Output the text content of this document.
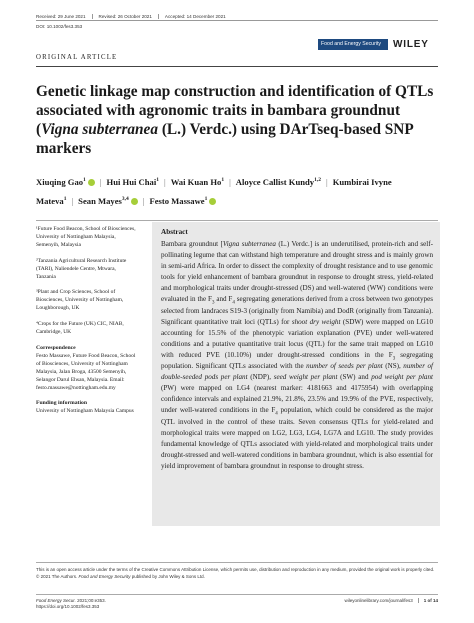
Received: 29 June 2021	Revised: 26 October 2021	Accepted: 14 December 2021
DOI: 10.1002/fes3.353
Food and Energy Security WILEY
ORIGINAL ARTICLE
Genetic linkage map construction and identification of QTLs associated with agronomic traits in bambara groundnut (Vigna subterranea (L.) Verdc.) using DArTseq-based SNP markers
Xiuqing Gao$^1$ | Hui Hui Chai$^1$ | Wai Kuan Ho$^1$ | Aloyce Callist Kundy$^{1,2}$ | Kumbirai Ivyne Mateva$^1$ | Sean Mayes$^{3,4}$ | Festo Massawe$^1$

¹Future Food Beacon, School of Biosciences, University of Nottingham Malaysia, Semenyih, Malaysia

²Tanzania Agricultural Research Institute (TARI), Naliendele Centre, Mtwara, Tanzania

³Plant and Crop Sciences, School of Biosciences, University of Nottingham, Loughborough, UK

⁴Crops for the Future (UK) CIC, NIAB, Cambridge, UK

Correspondence

Festo Massawe, Future Food Beacon, School of Biosciences, University of Nottingham Malaysia, Jalan Broga, 43500 Semenyih, Selangor Darul Ehsan, Malaysia. Email: festo.massawe@nottingham.edu.my

Funding information

University of Nottingham Malaysia Campus

Abstract
Bambara groundnut [Vigna subterranea (L.) Verdc.] is an underutilised, protein-rich and self-pollinating legume that can withstand high temperature and drought stress and is mainly grown in semi-arid Africa. In order to dissect the complexity of drought resistance and to use genomic tools for yield enhancement of bambara groundnut in response to drought stress, yield-related and morphological traits under drought-stressed (DS) and well-watered (WW) conditions were evaluated in the $F_3$ and $F_4$ segregating generations derived from a cross between two genotypes selected from landraces S19-3 (originally from Namibia) and DodR (originally from Tanzania). Significant quantitative trait loci (QTLs) for shoot dry weight (SDW) were mapped on LG10 accounting for 15.5% of the phenotypic variation explanation (PVE) under well-watered conditions and a putative quantitative trait locus (QTL) for the same trait mapped on LG10 with reduced PVE (10.10%) under drought-stressed conditions in the $F_3$ segregating population. Significant QTLs associated with the number of seeds per plant (NS), number of double-seeded pods per plant (NDP), seed weight per plant (SW) and pod weight per plant (PW) were mapped on LG4 (nearest marker: 4181663 and 4175954) with overlapping confidence intervals and explained 21.9%, 21.8%, 23.5% and 19.9% of the PVE, respectively, under well-watered conditions in the $F_4$ population, which could be considered as the major QTL involved in the control of these traits. Seven consensus QTLs for yield-related and morphological traits were mapped on LG2, LG3, LG4, LG7A and LG10. The study provides fundamental knowledge of QTLs associated with yield-related and morphological traits under drought-stressed and well-watered conditions in bambara groundnut, which is also essential for yield improvement of bambara groundnut in response to drought stress.
This is an open access article under the terms of the Creative Commons Attribution License, which permits use, distribution and reproduction in any medium, provided the original work is properly cited.
© 2021 The Authors. Food and Energy Security published by John Wiley & Sons Ltd.
Food Energy Secur. 2021;00:e353.
https://doi.org/10.1002/fes3.353
wileyonlinelibrary.com/journal/fes3 1 of 14
